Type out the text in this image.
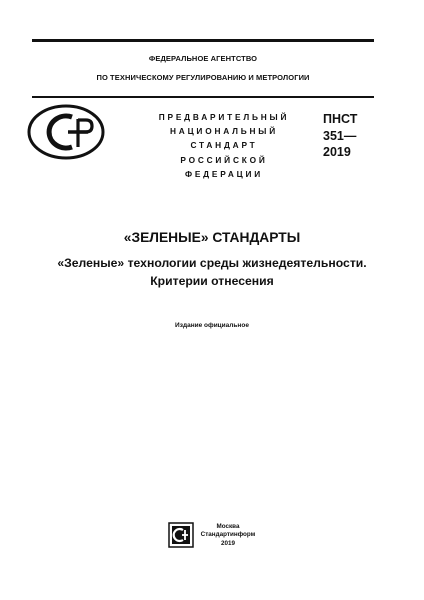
ФЕДЕРАЛЬНОЕ АГЕНТСТВО
ПО ТЕХНИЧЕСКОМУ РЕГУЛИРОВАНИЮ И МЕТРОЛОГИИ
ПРЕДВАРИТЕЛЬНЫЙ
НАЦИОНАЛЬНЫЙ
СТАНДАРТ
РОССИЙСКОЙ
ФЕДЕРАЦИИ
ПНСТ
351—
2019
«ЗЕЛЕНЫЕ» СТАНДАРТЫ
«Зеленые» технологии среды жизнедеятельности.
Критерии отнесения
Издание официальное
Москва
Стандартинформ
2019
